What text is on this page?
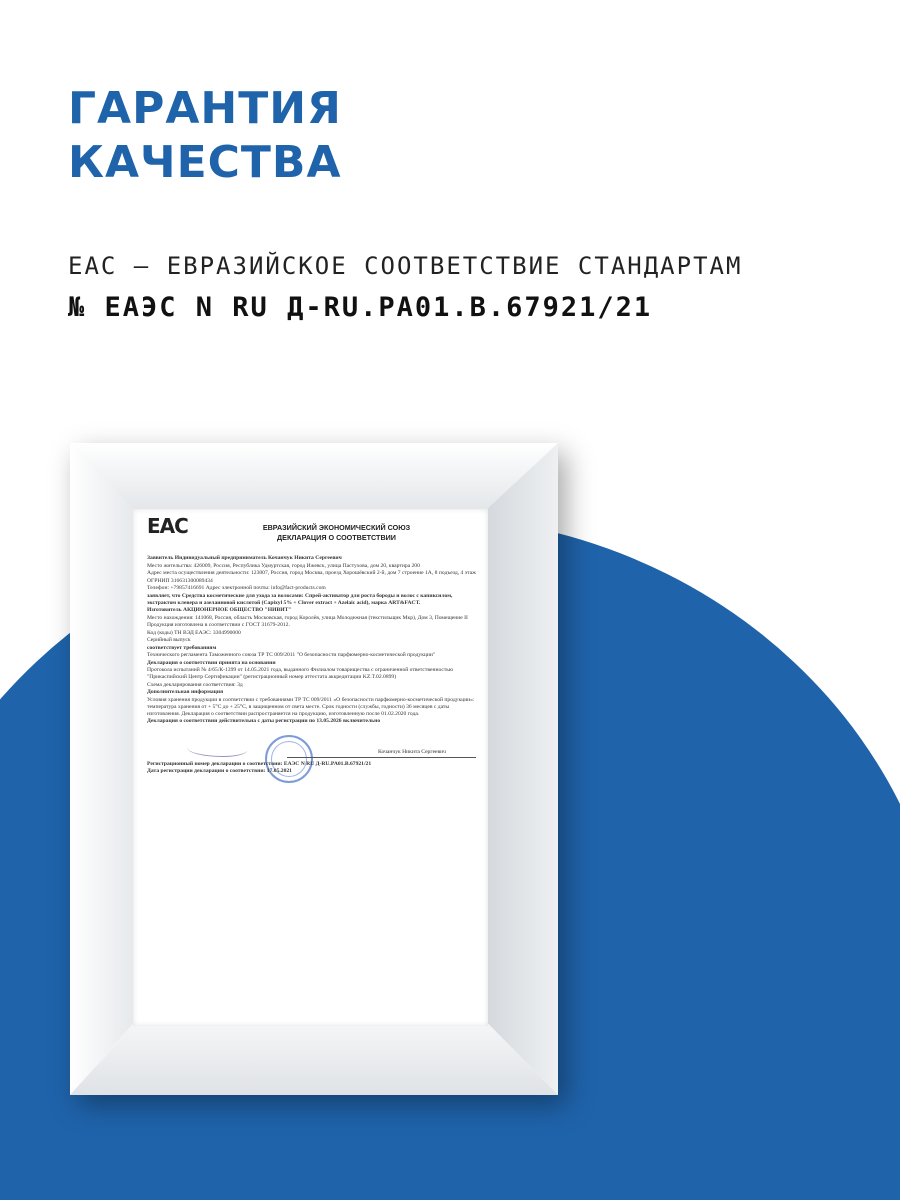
ГАРАНТИЯ
КАЧЕСТВА
EAC – ЕВРАЗИЙСКОЕ СООТВЕТСТВИЕ СТАНДАРТАМ
№ ЕАЭС N RU Д-RU.PA01.B.67921/21
ЕАС	ЕВРАЗИЙСКИЙ ЭКОНОМИЧЕСКИЙ СОЮЗ
ДЕКЛАРАЦИЯ О СООТВЕТСТВИИ
Заявитель Индивидуальный предприниматель Кочанчук Никита Сергеевич
Место жительства: 426009, Россия, Республика Удмуртская, город Ижевск, улица Пастухова, дом 20, квартира 200
Адрес места осуществления деятельности: 123007, Россия, город Москва, проезд Хорошёвский 2-й, дом 7 строение 1А, 8 подъезд, 4 этаж
ОГРНИП 316631300089434
Телефон: +79857416691 Адрес электронной почты: info@fact-products.com
заявляет, что Средства косметические для ухода за волосами: Спрей-активатор для роста бороды и волос с капиксилом, экстрактом клевера и азелаиновой кислотой (Capixyl 5% + Clover extract + Azelaic acid), марка ART&FACT.
Изготовитель АКЦИОНЕРНОЕ ОБЩЕСТВО "НИВИТ"
Место нахождения: 141068, Россия, область Московская, город Королёв, улица Молодежная (текстильщик Мкр), Дом 3, Помещение II
Продукция изготовлена в соответствии с ГОСТ 31679-2012.
Код (коды) ТН ВЭД ЕАЭС: 3304990000
Серийный выпуск
соответствует требованиям
Технического регламента Таможенного союза ТР ТС 009/2011 "О безопасности парфюмерно-косметической продукции"
Декларация о соответствии принята на основании
Протокола испытаний № 4/65/К-1399 от 14.05.2021 года, выданного Филиалом товарищества с ограниченной ответственностью "Прикаспийский Центр Сертификации" (регистрационный номер аттестата аккредитации KZ.T.02.0899)
Схема декларирования соответствия: 3д
Дополнительная информация
Условия хранения продукции в соответствии с требованиями ТР ТС 009/2011 «О безопасности парфюмерно-косметической продукции»: температура хранения от + 5°С до + 25°С, в защищенном от света месте. Срок годности (службы, годности) 36 месяцев с даты изготовления. Декларация о соответствии распространяется на продукцию, изготовленную после 01.02.2020 года.
Декларация о соответствии действительна с даты регистрации по 13.05.2026 включительно
Кочанчук Никита Сергеевич
Регистрационный номер декларации о соответствии: ЕАЭС N RU Д-RU.PA01.B.67921/21
Дата регистрации декларации о соответствии: 17.05.2021
